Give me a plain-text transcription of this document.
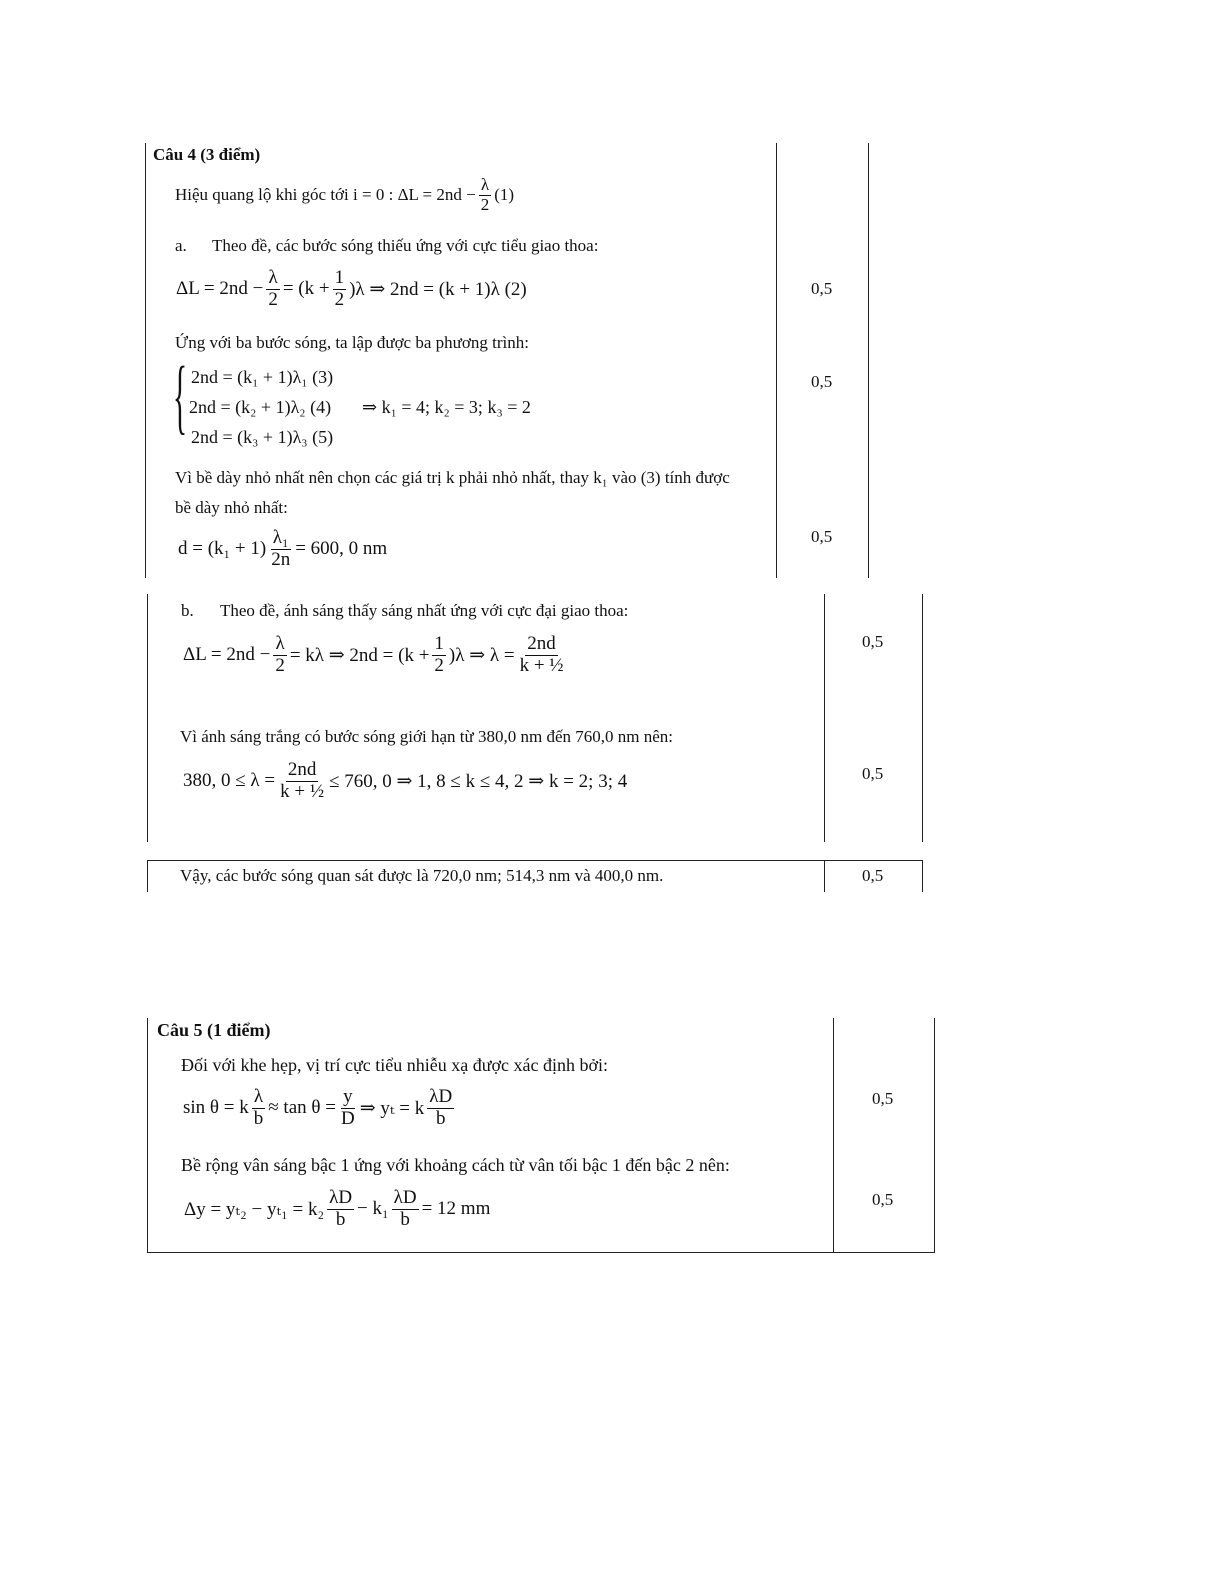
Câu 4 (3 điểm)
Hiệu quang lộ khi góc tới i = 0 :
$\Delta L = 2nd - \frac{\lambda}{2} (1)$
a. Theo đề, các bước sóng thiếu ứng với cực tiểu giao thoa:
$\Delta L = 2nd - \frac{\lambda}{2} = (k + \frac{1}{2} )\lambda$ ⇒ 2nd = (k + 1)λ (2)	0,5
Ứng với ba bước sóng, ta lập được ba phương trình:
{ 2nd = (k₁ + 1)λ₁ (3)
2nd = (k₂ + 1)λ₂ (4)
2nd = (k₃ + 1)λ₃ (5)
⇒ k₁ = 4; k₂ = 3; k₃ = 2
0,5
Vì bề dày nhỏ nhất nên chọn các giá trị k phải nhỏ nhất, thay k₁ vào (3) tính được
bề dày nhỏ nhất:
$d = (k_1 + 1) \frac{\text{λ₁}}{2n} = 600$, 0 nm
0,5
b. Theo đề, ánh sáng thấy sáng nhất ứng với cực đại giao thoa:
$\Delta L = 2nd - \frac{\lambda}{2} = k\lambda$ ⇒ $2nd = (k + \frac{1}{2} )\lambda$ ⇒ $\lambda = \frac{2nd}{\text{k + ½}}$	0,5
Vì ánh sáng trắng có bước sóng giới hạn từ 380,0 nm đến 760,0 nm nên:
380, $0 \le \lambda = \frac{2nd}{\text{k + ½}} \le 760$, 0 ⇒ 1, 8 ≤ k ≤ 4, 2 ⇒ k = 2; 3; 4	0,5
Vậy, các bước sóng quan sát được là 720,0 nm; 514,3 nm và 400,0 nm.	0,5
Câu 5 (1 điểm)
Đối với khe hẹp, vị trí cực tiểu nhiễu xạ được xác định bởi:
sin θ = k $\frac{\lambda}{b} \approx \tan \theta = \frac{y}{D}$ ⇒ yₜ = k $\frac{\lambda D}{b}$	0,5
Bề rộng vân sáng bậc 1 ứng với khoảng cách từ vân tối bậc 1 đến bậc 2 nên:
$\Delta y = y_{t2} - y_{t1} = k_2 \frac{\lambda D}{b} - k_1 \frac{\lambda D}{b} = 12$ mm	0,5
